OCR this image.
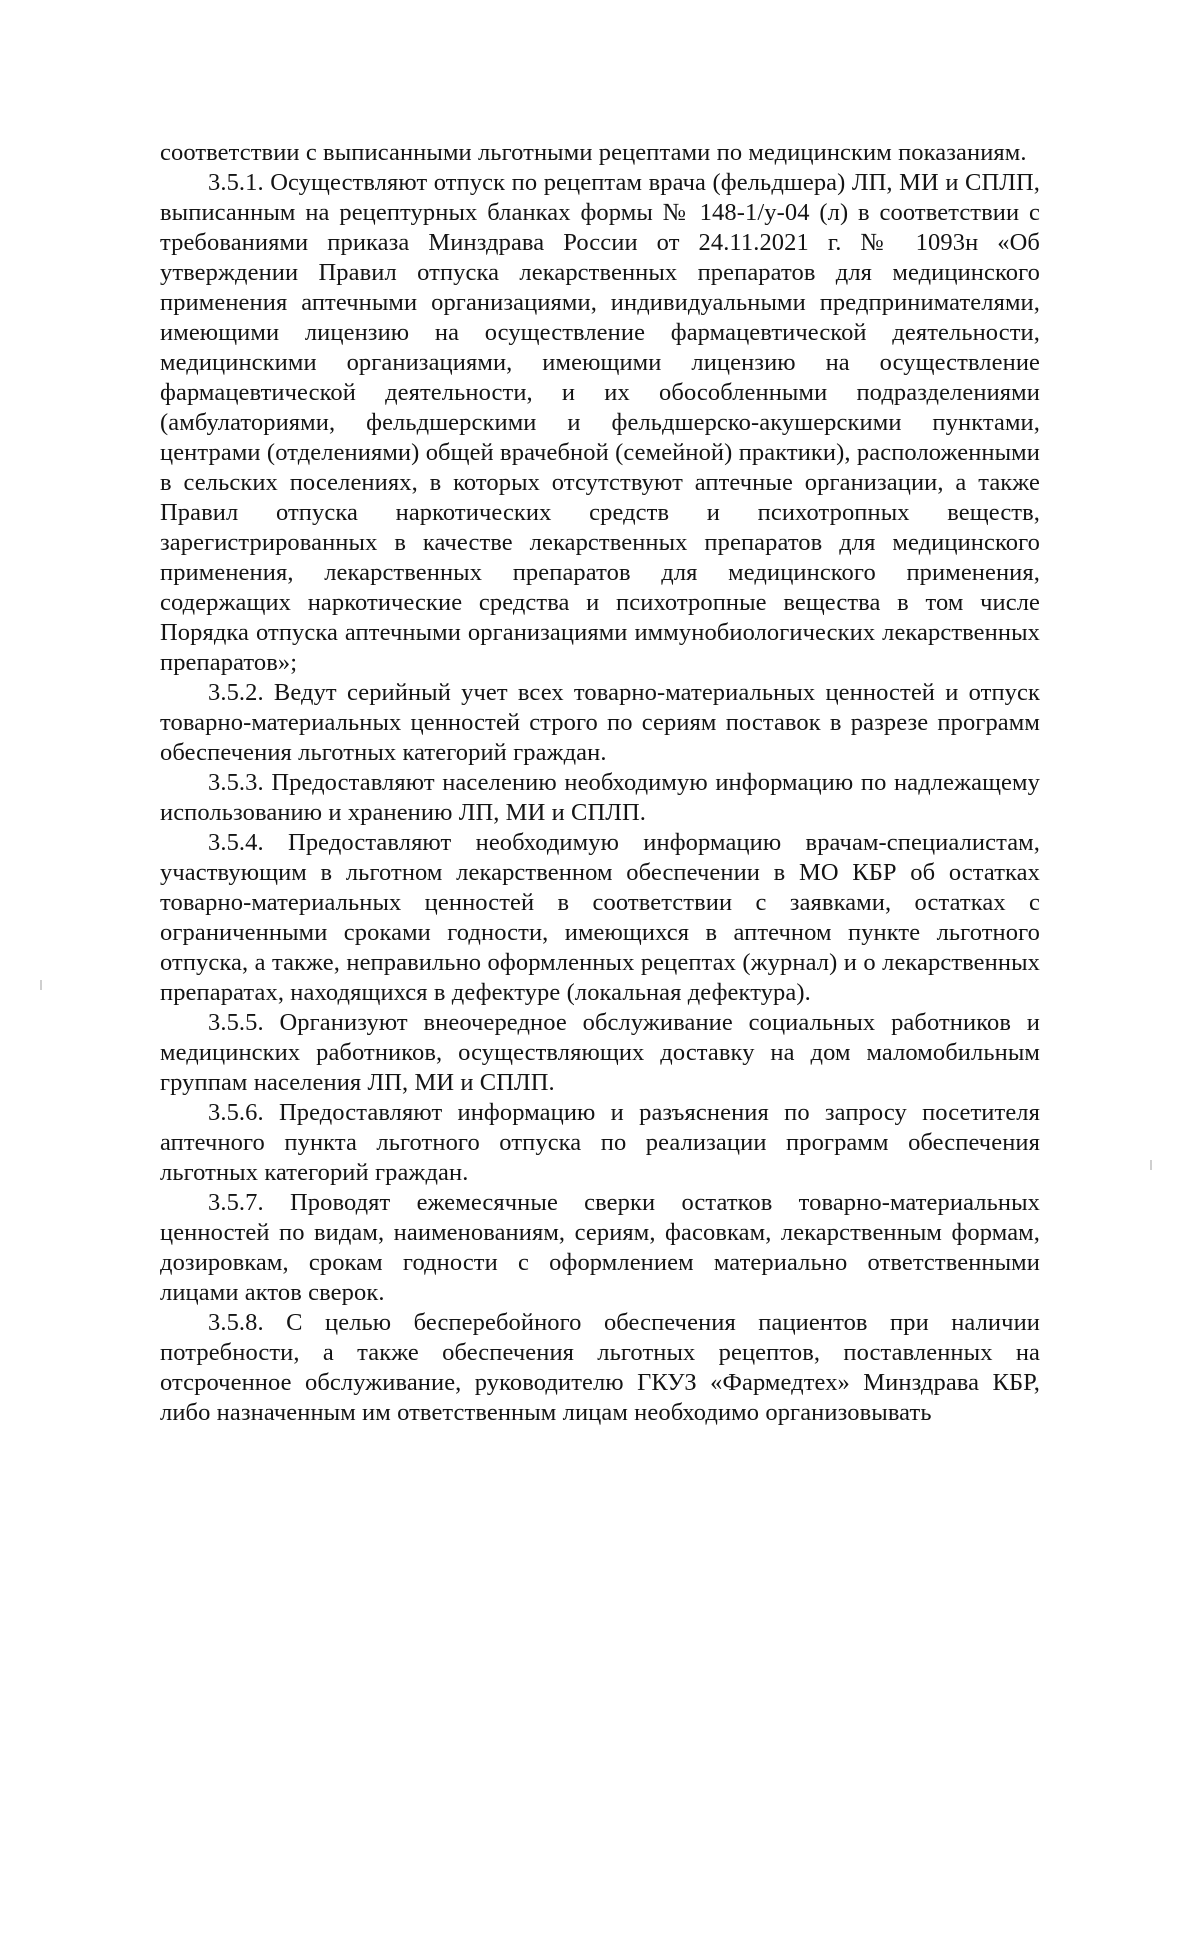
соответствии с выписанными льготными рецептами по медицинским показаниям.

3.5.1. Осуществляют отпуск по рецептам врача (фельдшера) ЛП, МИ и СПЛП, выписанным на рецептурных бланках формы № 148-1/у-04 (л) в соответствии с требованиями приказа Минздрава России от 24.11.2021 г. № 1093н «Об утверждении Правил отпуска лекарственных препаратов для медицинского применения аптечными организациями, индивидуальными предпринимателями, имеющими лицензию на осуществление фармацевтической деятельности, медицинскими организациями, имеющими лицензию на осуществление фармацевтической деятельности, и их обособленными подразделениями (амбулаториями, фельдшерскими и фельдшерско-акушерскими пунктами, центрами (отделениями) общей врачебной (семейной) практики), расположенными в сельских поселениях, в которых отсутствуют аптечные организации, а также Правил отпуска наркотических средств и психотропных веществ, зарегистрированных в качестве лекарственных препаратов для медицинского применения, лекарственных препаратов для медицинского применения, содержащих наркотические средства и психотропные вещества в том числе Порядка отпуска аптечными организациями иммунобиологических лекарственных препаратов»;

3.5.2. Ведут серийный учет всех товарно-материальных ценностей и отпуск товарно-материальных ценностей строго по сериям поставок в разрезе программ обеспечения льготных категорий граждан.

3.5.3. Предоставляют населению необходимую информацию по надлежащему использованию и хранению ЛП, МИ и СПЛП.

3.5.4. Предоставляют необходимую информацию врачам-специалистам, участвующим в льготном лекарственном обеспечении в МО КБР об остатках товарно-материальных ценностей в соответствии с заявками, остатках с ограниченными сроками годности, имеющихся в аптечном пункте льготного отпуска, а также, неправильно оформленных рецептах (журнал) и о лекарственных препаратах, находящихся в дефектуре (локальная дефектура).

3.5.5. Организуют внеочередное обслуживание социальных работников и медицинских работников, осуществляющих доставку на дом маломобильным группам населения ЛП, МИ и СПЛП.

3.5.6. Предоставляют информацию и разъяснения по запросу посетителя аптечного пункта льготного отпуска по реализации программ обеспечения льготных категорий граждан.

3.5.7. Проводят ежемесячные сверки остатков товарно-материальных ценностей по видам, наименованиям, сериям, фасовкам, лекарственным формам, дозировкам, срокам годности с оформлением материально ответственными лицами актов сверок.

3.5.8. С целью бесперебойного обеспечения пациентов при наличии потребности, а также обеспечения льготных рецептов, поставленных на отсроченное обслуживание, руководителю ГКУЗ «Фармедтех» Минздрава КБР, либо назначенным им ответственным лицам необходимо организовывать
